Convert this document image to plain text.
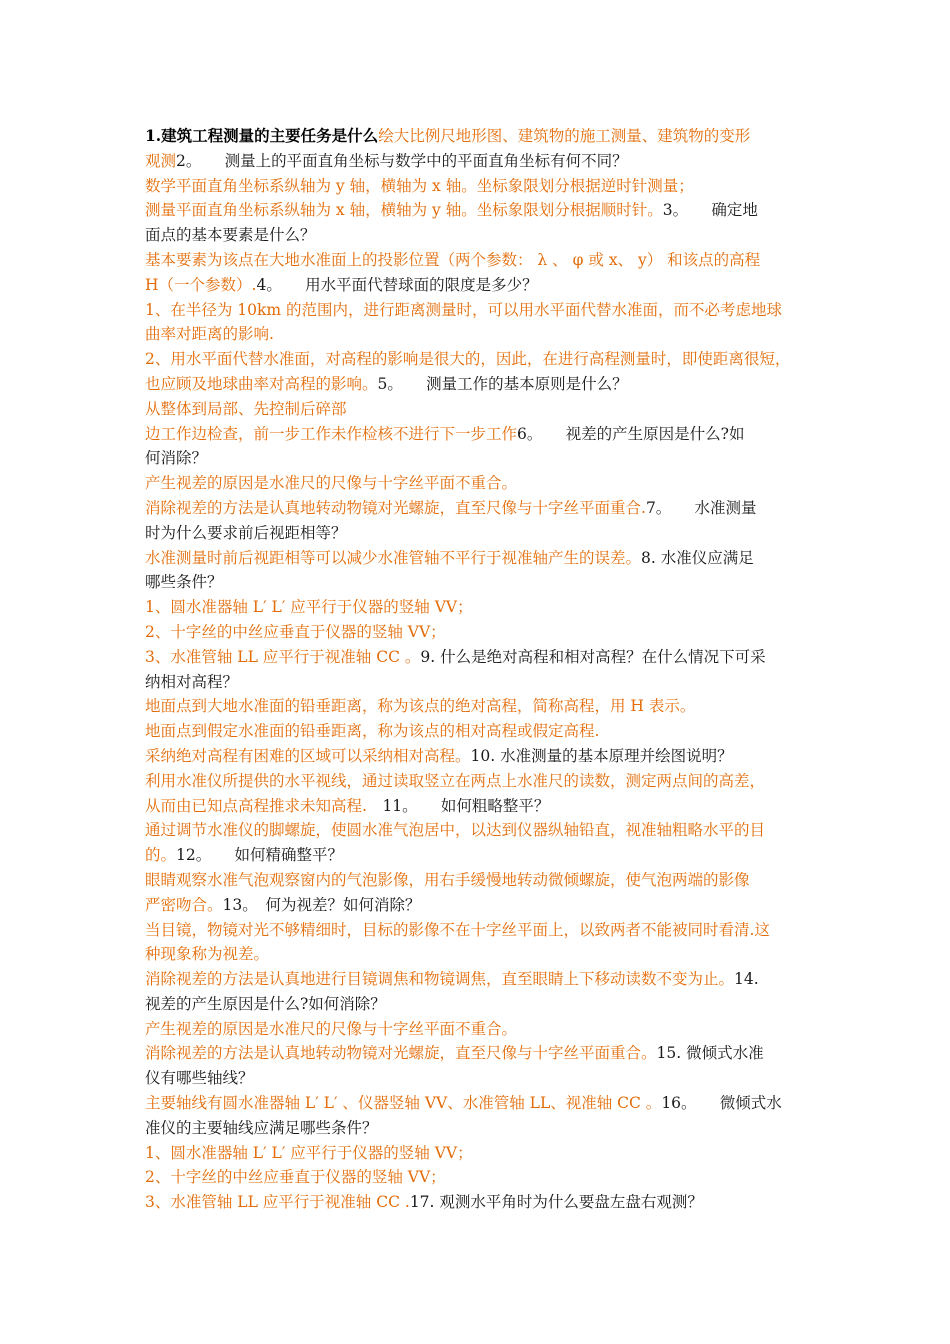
1.建筑工程测量的主要任务是什么绘大比例尺地形图、建筑物的施工测量、建筑物的变形
观测2。　　测量上的平面直角坐标与数学中的平面直角坐标有何不同？
数学平面直角坐标系纵轴为 y 轴，横轴为 x 轴。坐标象限划分根据逆时针测量；
测量平面直角坐标系纵轴为 x 轴，横轴为 y 轴。坐标象限划分根据顺时针。3。　　确定地
面点的基本要素是什么？
基本要素为该点在大地水准面上的投影位置（两个参数： λ 、 φ 或 x、 y） 和该点的高程
H（一个参数）.4。　　用水平面代替球面的限度是多少？
1、在半径为 10km 的范围内，进行距离测量时，可以用水平面代替水准面，而不必考虑地球
曲率对距离的影响.
2、用水平面代替水准面，对高程的影响是很大的，因此，在进行高程测量时，即使距离很短，
也应顾及地球曲率对高程的影响。5。　　测量工作的基本原则是什么？
从整体到局部、先控制后碎部
边工作边检查，前一步工作未作检核不进行下一步工作6。　　视差的产生原因是什么?如
何消除？
产生视差的原因是水准尺的尺像与十字丝平面不重合。
消除视差的方法是认真地转动物镜对光螺旋，直至尺像与十字丝平面重合.7。　　水准测量
时为什么要求前后视距相等？
水准测量时前后视距相等可以减少水准管轴不平行于视准轴产生的误差。8. 水准仪应满足
哪些条件？
1、圆水准器轴 L′ L′ 应平行于仪器的竖轴 VV；
2、十字丝的中丝应垂直于仪器的竖轴 VV；
3、水准管轴 LL 应平行于视准轴 CC 。9. 什么是绝对高程和相对高程？在什么情况下可采
纳相对高程？
地面点到大地水准面的铅垂距离，称为该点的绝对高程，简称高程，用 H 表示。
地面点到假定水准面的铅垂距离，称为该点的相对高程或假定高程.
采纳绝对高程有困难的区域可以采纳相对高程。10. 水准测量的基本原理并绘图说明？
利用水准仪所提供的水平视线，通过读取竖立在两点上水准尺的读数，测定两点间的高差，
从而由已知点高程推求未知高程.　11。　　如何粗略整平？
通过调节水准仪的脚螺旋，使圆水准气泡居中，以达到仪器纵轴铅直，视准轴粗略水平的目
的。12。　　如何精确整平？
眼睛观察水准气泡观察窗内的气泡影像，用右手缓慢地转动微倾螺旋，使气泡两端的影像
严密吻合。13。　何为视差？如何消除？
当目镜，物镜对光不够精细时，目标的影像不在十字丝平面上，以致两者不能被同时看清.这
种现象称为视差。
消除视差的方法是认真地进行目镜调焦和物镜调焦，直至眼睛上下移动读数不变为止。14.
视差的产生原因是什么?如何消除？
产生视差的原因是水准尺的尺像与十字丝平面不重合。
消除视差的方法是认真地转动物镜对光螺旋，直至尺像与十字丝平面重合。15. 微倾式水准
仪有哪些轴线？
主要轴线有圆水准器轴 L′ L′ 、仪器竖轴 VV、水准管轴 LL、视准轴 CC 。16。　　微倾式水
准仪的主要轴线应满足哪些条件？
1、圆水准器轴 L′ L′ 应平行于仪器的竖轴 VV；
2、十字丝的中丝应垂直于仪器的竖轴 VV；
3、水准管轴 LL 应平行于视准轴 CC .17. 观测水平角时为什么要盘左盘右观测？
